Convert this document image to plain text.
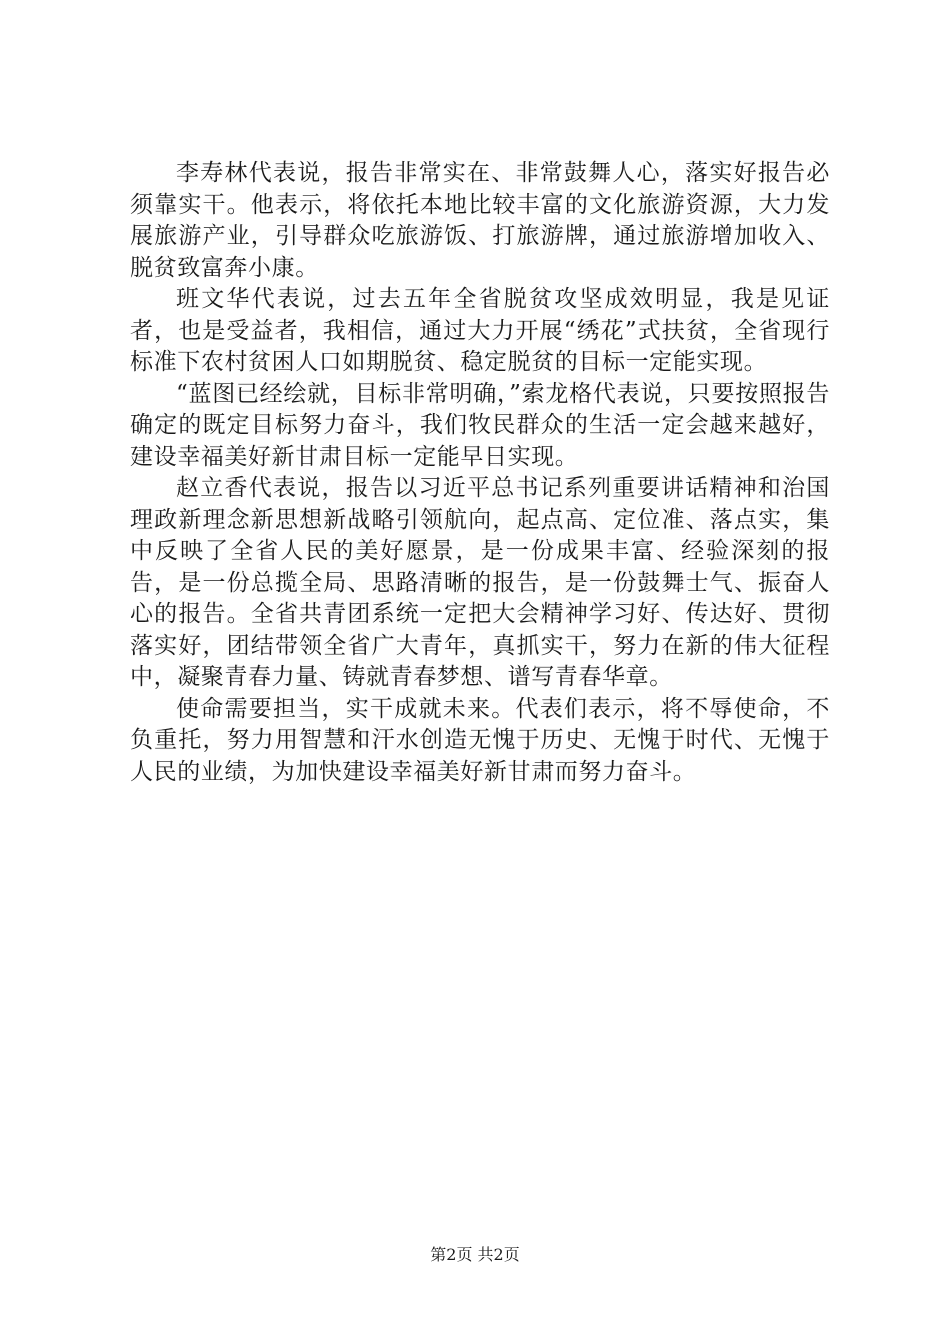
李寿林代表说，报告非常实在、非常鼓舞人心，落实好报告必须靠实干。他表示，将依托本地比较丰富的文化旅游资源，大力发展旅游产业，引导群众吃旅游饭、打旅游牌，通过旅游增加收入、脱贫致富奔小康。

班文华代表说，过去五年全省脱贫攻坚成效明显，我是见证者，也是受益者，我相信，通过大力开展“绣花”式扶贫，全省现行标准下农村贫困人口如期脱贫、稳定脱贫的目标一定能实现。

“蓝图已经绘就，目标非常明确，”索龙格代表说，只要按照报告确定的既定目标努力奋斗，我们牧民群众的生活一定会越来越好，建设幸福美好新甘肃目标一定能早日实现。

赵立香代表说，报告以习近平总书记系列重要讲话精神和治国理政新理念新思想新战略引领航向，起点高、定位准、落点实，集中反映了全省人民的美好愿景，是一份成果丰富、经验深刻的报告，是一份总揽全局、思路清晰的报告，是一份鼓舞士气、振奋人心的报告。全省共青团系统一定把大会精神学习好、传达好、贯彻落实好，团结带领全省广大青年，真抓实干，努力在新的伟大征程中，凝聚青春力量、铸就青春梦想、谱写青春华章。

使命需要担当，实干成就未来。代表们表示，将不辱使命，不负重托，努力用智慧和汗水创造无愧于历史、无愧于时代、无愧于人民的业绩，为加快建设幸福美好新甘肃而努力奋斗。

第2页 共2页
